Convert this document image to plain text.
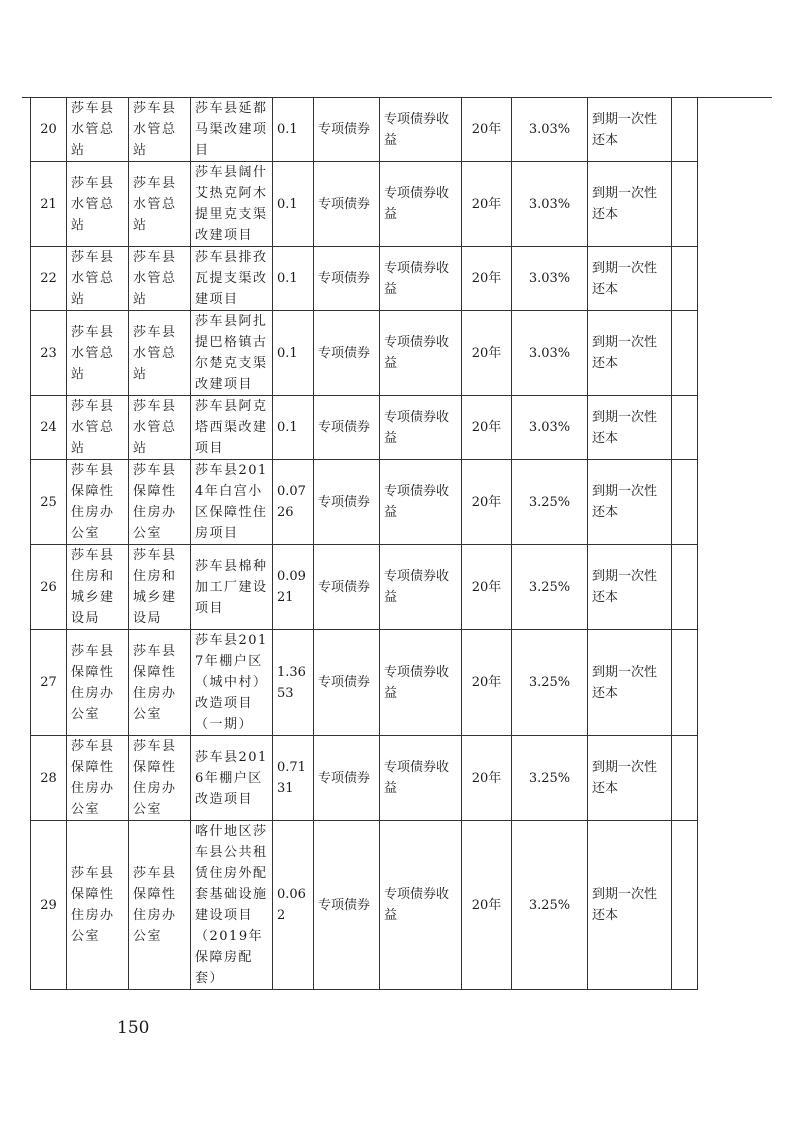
20	莎车县水管总站	莎车县水管总站	莎车县延都马渠改建项目	0.1	专项债券	专项债券收益	20年	3.03%	到期一次性还本	
21	莎车县水管总站	莎车县水管总站	莎车县阔什艾热克阿木提里克支渠改建项目	0.1	专项债券	专项债券收益	20年	3.03%	到期一次性还本	
22	莎车县水管总站	莎车县水管总站	莎车县排孜瓦提支渠改建项目	0.1	专项债券	专项债券收益	20年	3.03%	到期一次性还本	
23	莎车县水管总站	莎车县水管总站	莎车县阿扎提巴格镇古尔楚克支渠改建项目	0.1	专项债券	专项债券收益	20年	3.03%	到期一次性还本	
24	莎车县水管总站	莎车县水管总站	莎车县阿克塔西渠改建项目	0.1	专项债券	专项债券收益	20年	3.03%	到期一次性还本	
25	莎车县保障性住房办公室	莎车县保障性住房办公室	莎车县2014年白宫小区保障性住房项目	0.0726	专项债券	专项债券收益	20年	3.25%	到期一次性还本	
26	莎车县住房和城乡建设局	莎车县住房和城乡建设局	莎车县棉种加工厂建设项目	0.0921	专项债券	专项债券收益	20年	3.25%	到期一次性还本	
27	莎车县保障性住房办公室	莎车县保障性住房办公室	莎车县2017年棚户区（城中村）改造项目（一期）	1.3653	专项债券	专项债券收益	20年	3.25%	到期一次性还本	
28	莎车县保障性住房办公室	莎车县保障性住房办公室	莎车县2016年棚户区改造项目	0.7131	专项债券	专项债券收益	20年	3.25%	到期一次性还本	
29	莎车县保障性住房办公室	莎车县保障性住房办公室	喀什地区莎车县公共租赁住房外配套基础设施建设项目（2019年保障房配套）	0.062	专项债券	专项债券收益	20年	3.25%	到期一次性还本	
150
